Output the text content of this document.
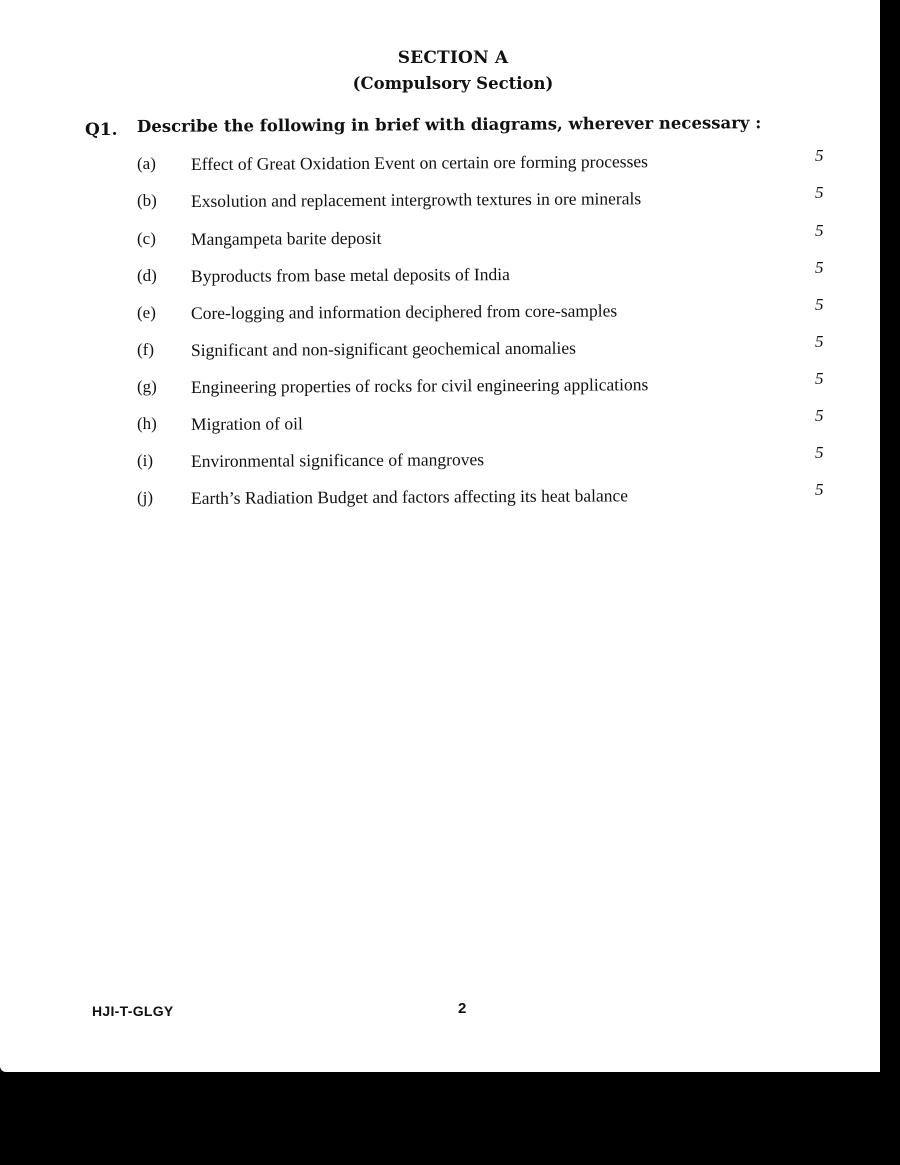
SECTION A
(Compulsory Section)
Q1. Describe the following in brief with diagrams, wherever necessary :
(a) Effect of Great Oxidation Event on certain ore forming processes	5
(b) Exsolution and replacement intergrowth textures in ore minerals	5
(c) Mangampeta barite deposit	5
(d) Byproducts from base metal deposits of India	5
(e) Core-logging and information deciphered from core-samples	5
(f) Significant and non-significant geochemical anomalies	5
(g) Engineering properties of rocks for civil engineering applications	5
(h) Migration of oil	5
(i) Environmental significance of mangroves	5
(j) Earth’s Radiation Budget and factors affecting its heat balance	5
HJI-T-GLGY	2
